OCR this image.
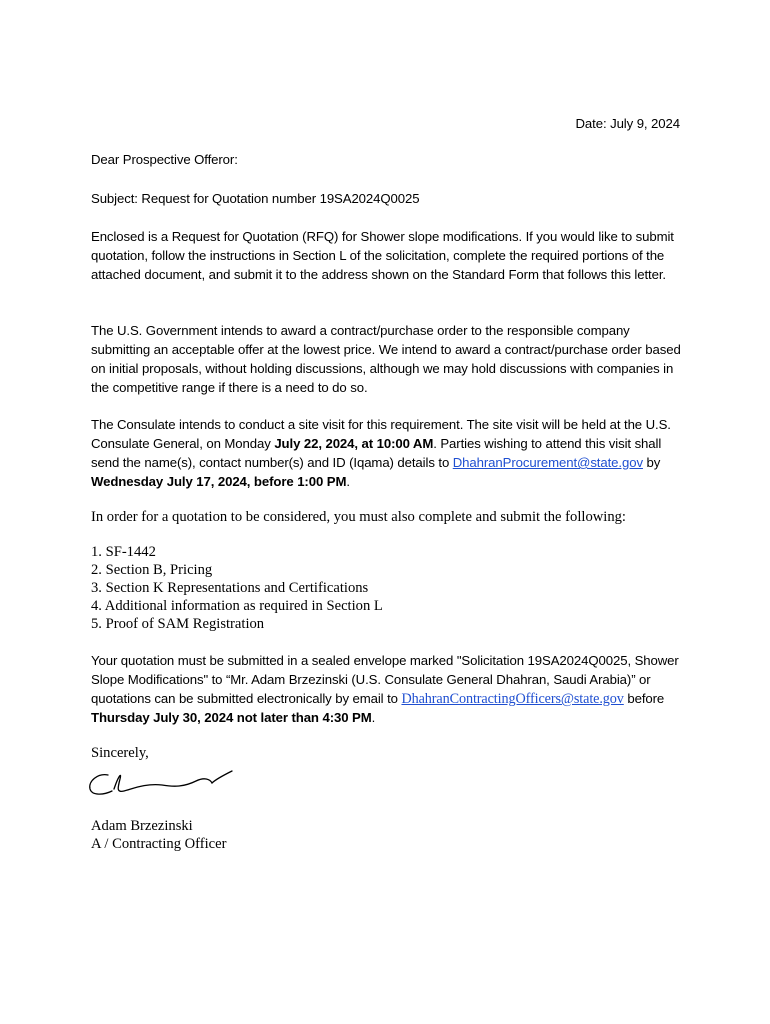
Date: July 9, 2024

Dear Prospective Offeror:

Subject: Request for Quotation number 19SA2024Q0025

Enclosed is a Request for Quotation (RFQ) for Shower slope modifications. If you would like to submit quotation, follow the instructions in Section L of the solicitation, complete the required portions of the attached document, and submit it to the address shown on the Standard Form that follows this letter.

The U.S. Government intends to award a contract/purchase order to the responsible company submitting an acceptable offer at the lowest price. We intend to award a contract/purchase order based on initial proposals, without holding discussions, although we may hold discussions with companies in the competitive range if there is a need to do so.

The Consulate intends to conduct a site visit for this requirement. The site visit will be held at the U.S. Consulate General, on Monday July 22, 2024, at 10:00 AM. Parties wishing to attend this visit shall send the name(s), contact number(s) and ID (Iqama) details to DhahranProcurement@state.gov by Wednesday July 17, 2024, before 1:00 PM.

In order for a quotation to be considered, you must also complete and submit the following:

1. SF-1442
2. Section B, Pricing
3. Section K Representations and Certifications
4. Additional information as required in Section L
5. Proof of SAM Registration

Your quotation must be submitted in a sealed envelope marked "Solicitation 19SA2024Q0025, Shower Slope Modifications" to “Mr. Adam Brzezinski (U.S. Consulate General Dhahran, Saudi Arabia)” or quotations can be submitted electronically by email to DhahranContractingOfficers@state.gov before Thursday July 30, 2024 not later than 4:30 PM.

Sincerely,

Adam Brzezinski

A / Contracting Officer
